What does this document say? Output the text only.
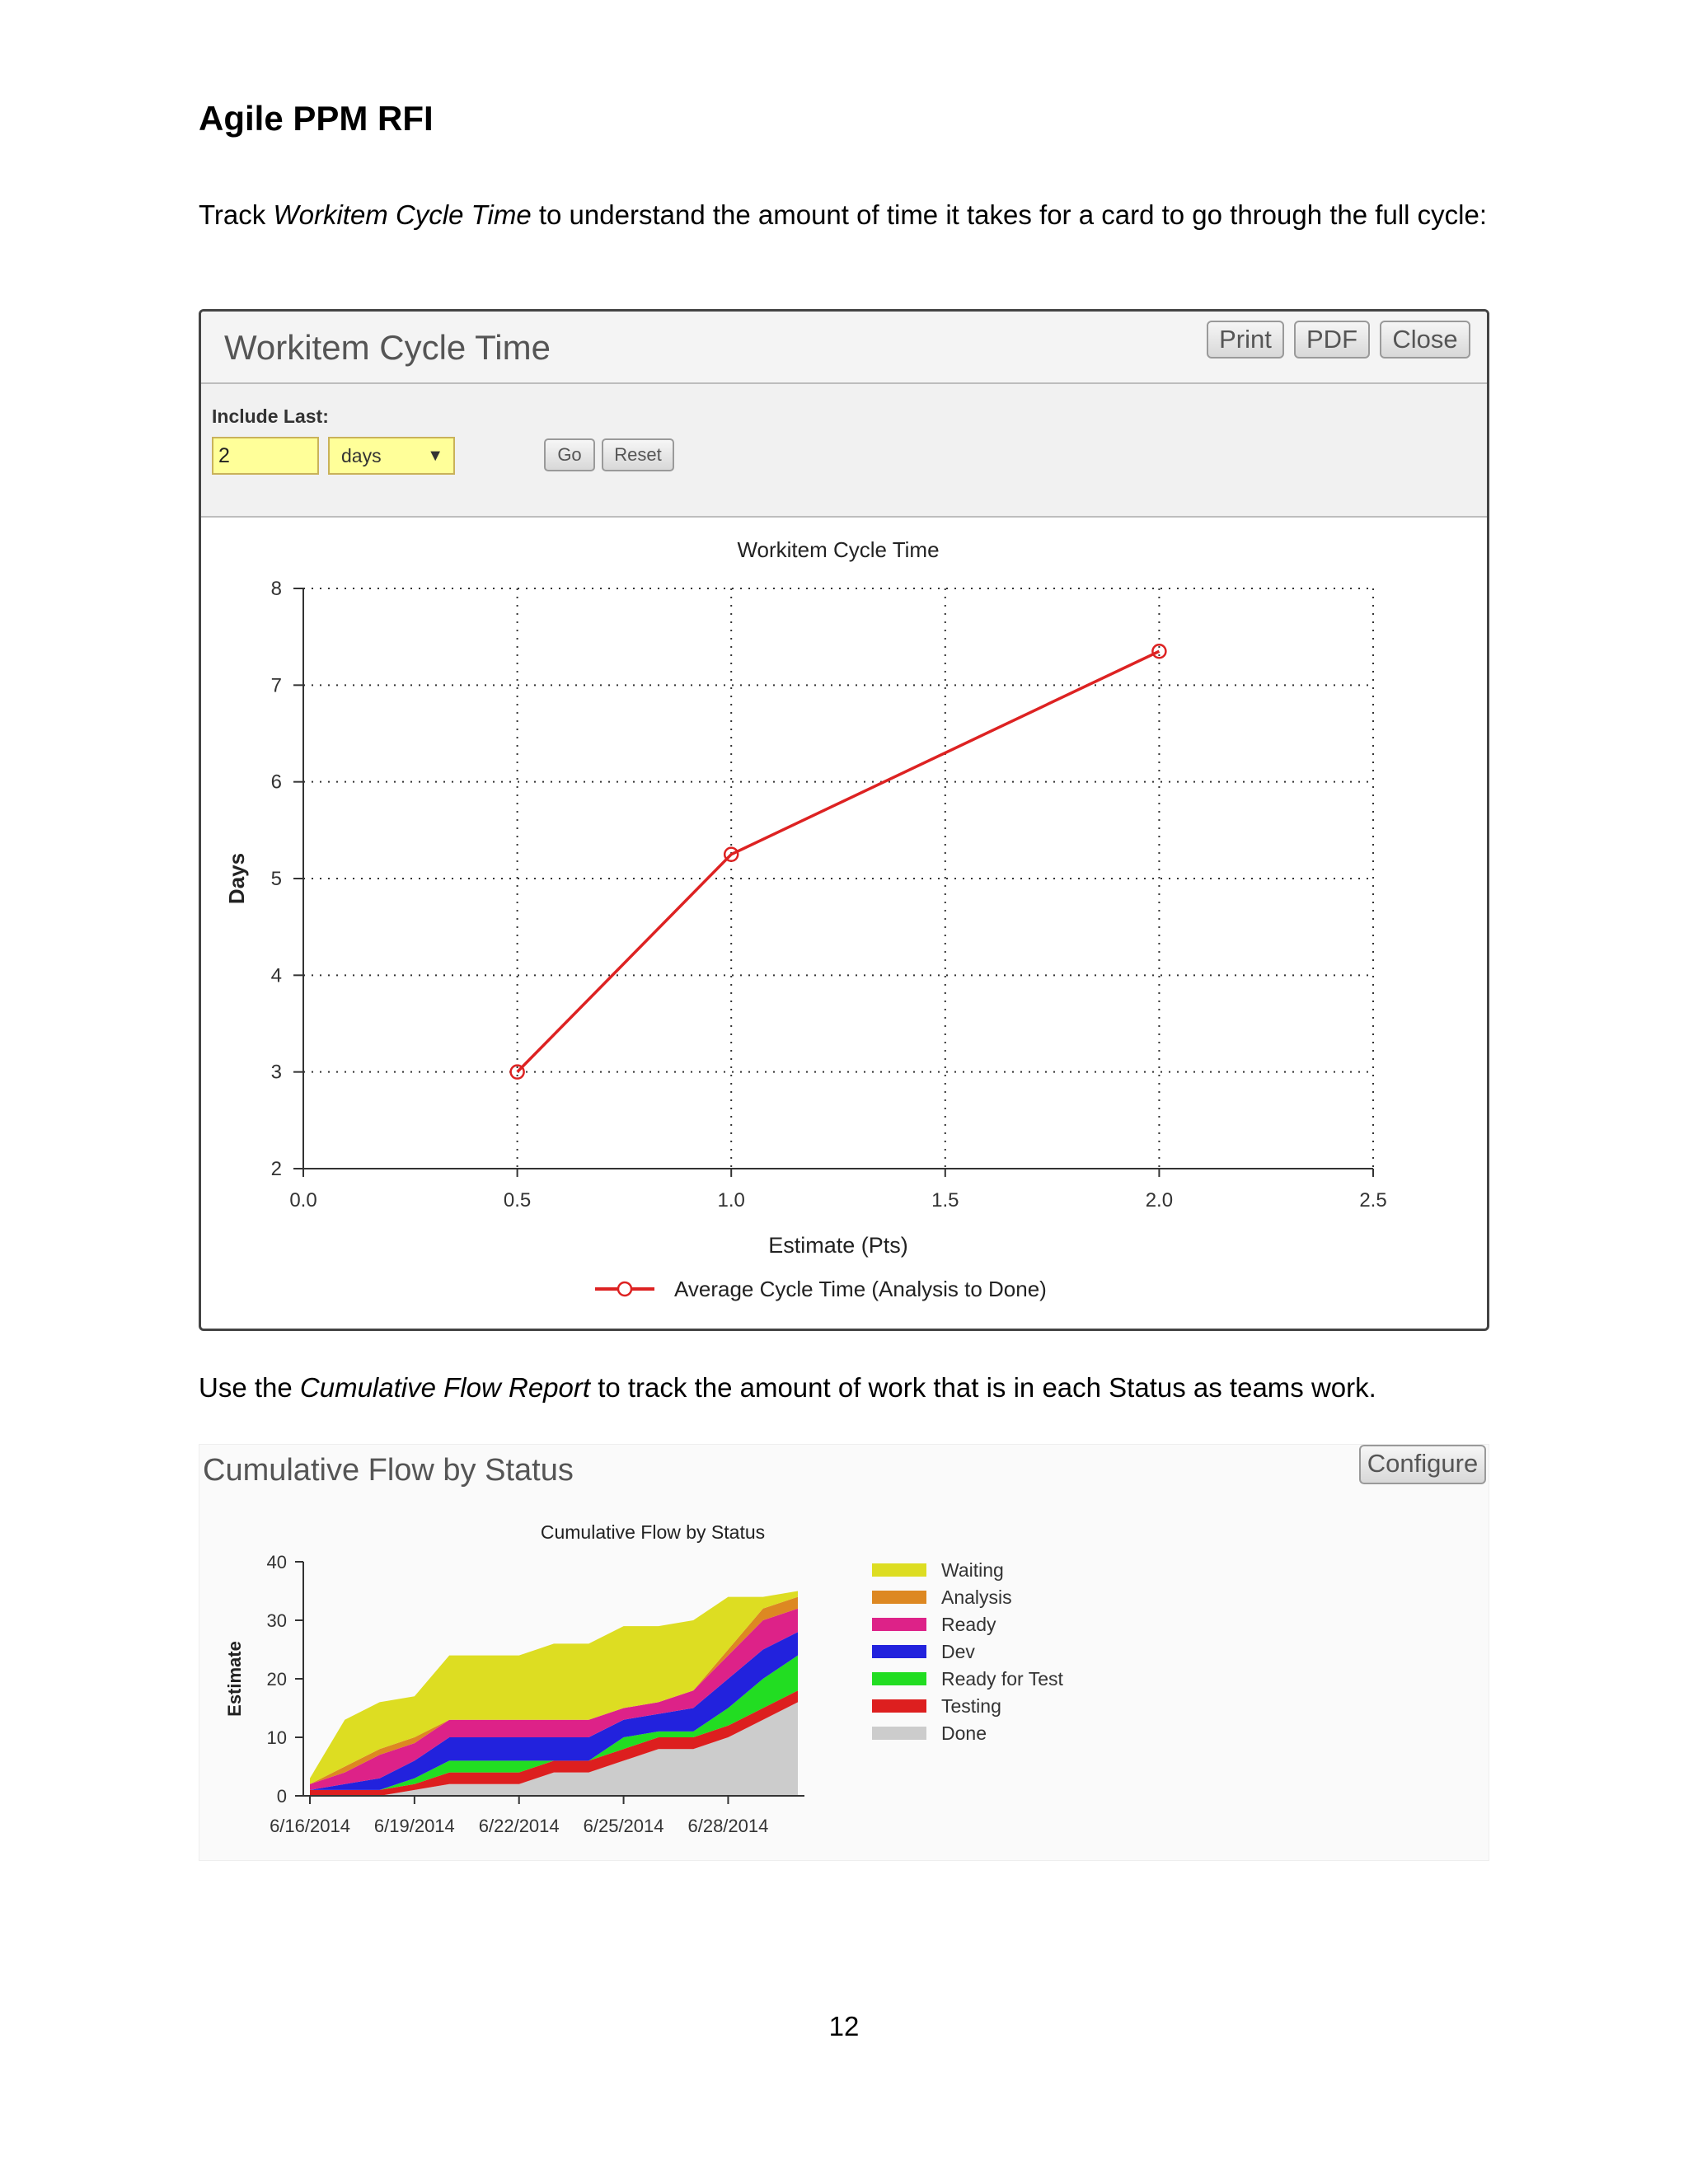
Agile PPM RFI

Track Workitem Cycle Time to understand the amount of time it takes for a card to go through the full cycle:

Workitem Cycle Time	Print	PDF	Close
Include Last:
2	days	▼	Go	Reset
Workitem Cycle Time
0.0	0.5	1.0	1.5	2.0	2.5
2
3
4
5
6
7
8
Estimate (Pts)
Days
Average Cycle Time (Analysis to Done)

Use the Cumulative Flow Report to track the amount of work that is in each Status as teams work.

Cumulative Flow by Status	Configure
Cumulative Flow by Status
0
10
20
30
40
6/16/2014 6/19/2014 6/22/2014 6/25/2014 6/28/2014
Estimate
Waiting
Analysis
Ready
Dev
Ready for Test
Testing
Done
12
